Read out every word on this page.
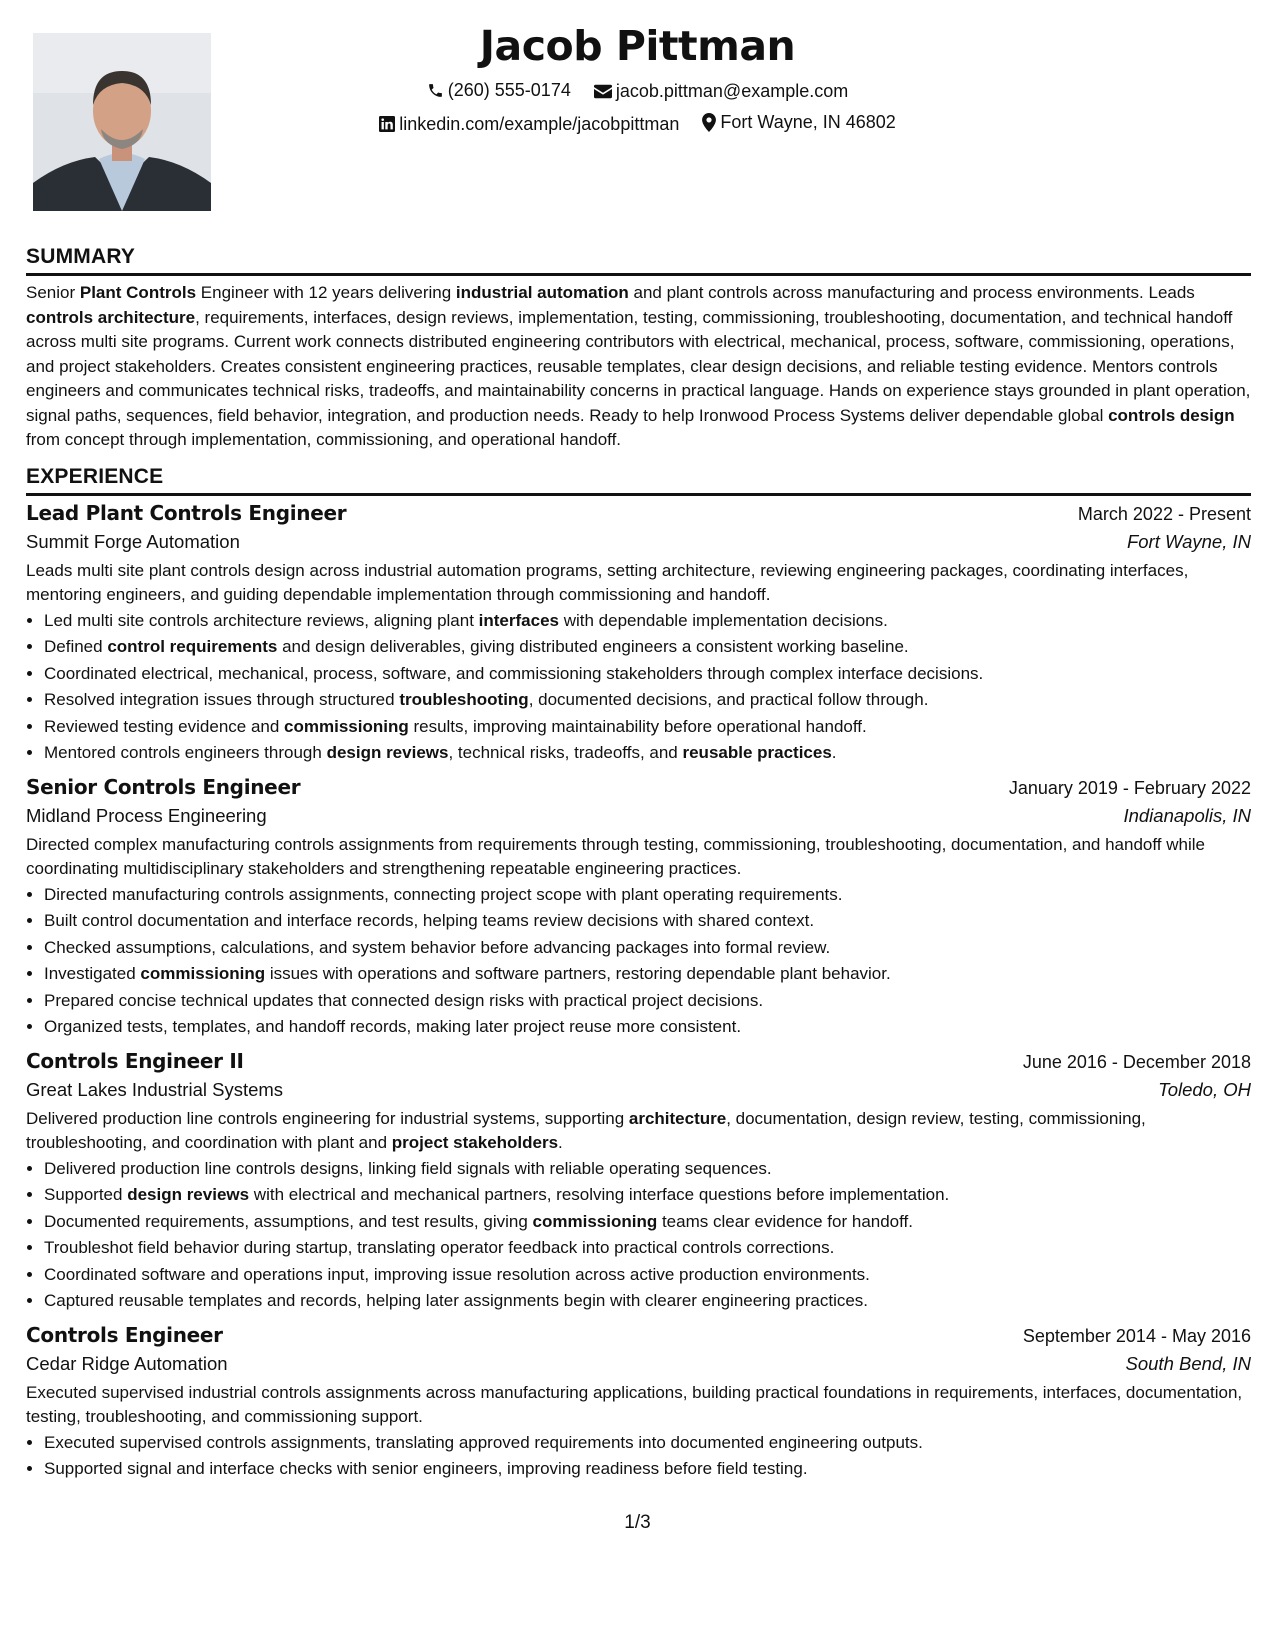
Jacob Pittman
(260) 555-0174
	jacob.pittman@example.com
linkedin.com/example/jacobpittman
Fort Wayne, IN 46802
SUMMARY
Senior Plant Controls Engineer with 12 years delivering industrial automation and plant controls across manufacturing and process environments. Leads controls architecture, requirements, interfaces, design reviews, implementation, testing, commissioning, troubleshooting, documentation, and technical handoff across multi site programs. Current work connects distributed engineering contributors with electrical, mechanical, process, software, commissioning, operations, and project stakeholders. Creates consistent engineering practices, reusable templates, clear design decisions, and reliable testing evidence. Mentors controls engineers and communicates technical risks, tradeoffs, and maintainability concerns in practical language. Hands on experience stays grounded in plant operation, signal paths, sequences, field behavior, integration, and production needs. Ready to help Ironwood Process Systems deliver dependable global controls design from concept through implementation, commissioning, and operational handoff.
EXPERIENCE
Lead Plant Controls Engineer	March 2022 - Present
Summit Forge Automation	Fort Wayne, IN
Leads multi site plant controls design across industrial automation programs, setting architecture, reviewing engineering packages, coordinating interfaces, mentoring engineers, and guiding dependable implementation through commissioning and handoff.
• Led multi site controls architecture reviews, aligning plant interfaces with dependable implementation decisions.
• Defined control requirements and design deliverables, giving distributed engineers a consistent working baseline.
• Coordinated electrical, mechanical, process, software, and commissioning stakeholders through complex interface decisions.
• Resolved integration issues through structured troubleshooting, documented decisions, and practical follow through.
• Reviewed testing evidence and commissioning results, improving maintainability before operational handoff.
• Mentored controls engineers through design reviews, technical risks, tradeoffs, and reusable practices.
Senior Controls Engineer	January 2019 - February 2022
Midland Process Engineering	Indianapolis, IN
Directed complex manufacturing controls assignments from requirements through testing, commissioning, troubleshooting, documentation, and handoff while coordinating multidisciplinary stakeholders and strengthening repeatable engineering practices.
• Directed manufacturing controls assignments, connecting project scope with plant operating requirements.
• Built control documentation and interface records, helping teams review decisions with shared context.
• Checked assumptions, calculations, and system behavior before advancing packages into formal review.
• Investigated commissioning issues with operations and software partners, restoring dependable plant behavior.
• Prepared concise technical updates that connected design risks with practical project decisions.
• Organized tests, templates, and handoff records, making later project reuse more consistent.
Controls Engineer II	June 2016 - December 2018
Great Lakes Industrial Systems	Toledo, OH
Delivered production line controls engineering for industrial systems, supporting architecture, documentation, design review, testing, commissioning, troubleshooting, and coordination with plant and project stakeholders.
• Delivered production line controls designs, linking field signals with reliable operating sequences.
• Supported design reviews with electrical and mechanical partners, resolving interface questions before implementation.
• Documented requirements, assumptions, and test results, giving commissioning teams clear evidence for handoff.
• Troubleshot field behavior during startup, translating operator feedback into practical controls corrections.
• Coordinated software and operations input, improving issue resolution across active production environments.
• Captured reusable templates and records, helping later assignments begin with clearer engineering practices.
Controls Engineer	September 2014 - May 2016
Cedar Ridge Automation	South Bend, IN
Executed supervised industrial controls assignments across manufacturing applications, building practical foundations in requirements, interfaces, documentation, testing, troubleshooting, and commissioning support.
• Executed supervised controls assignments, translating approved requirements into documented engineering outputs.
• Supported signal and interface checks with senior engineers, improving readiness before field testing.
1/3
